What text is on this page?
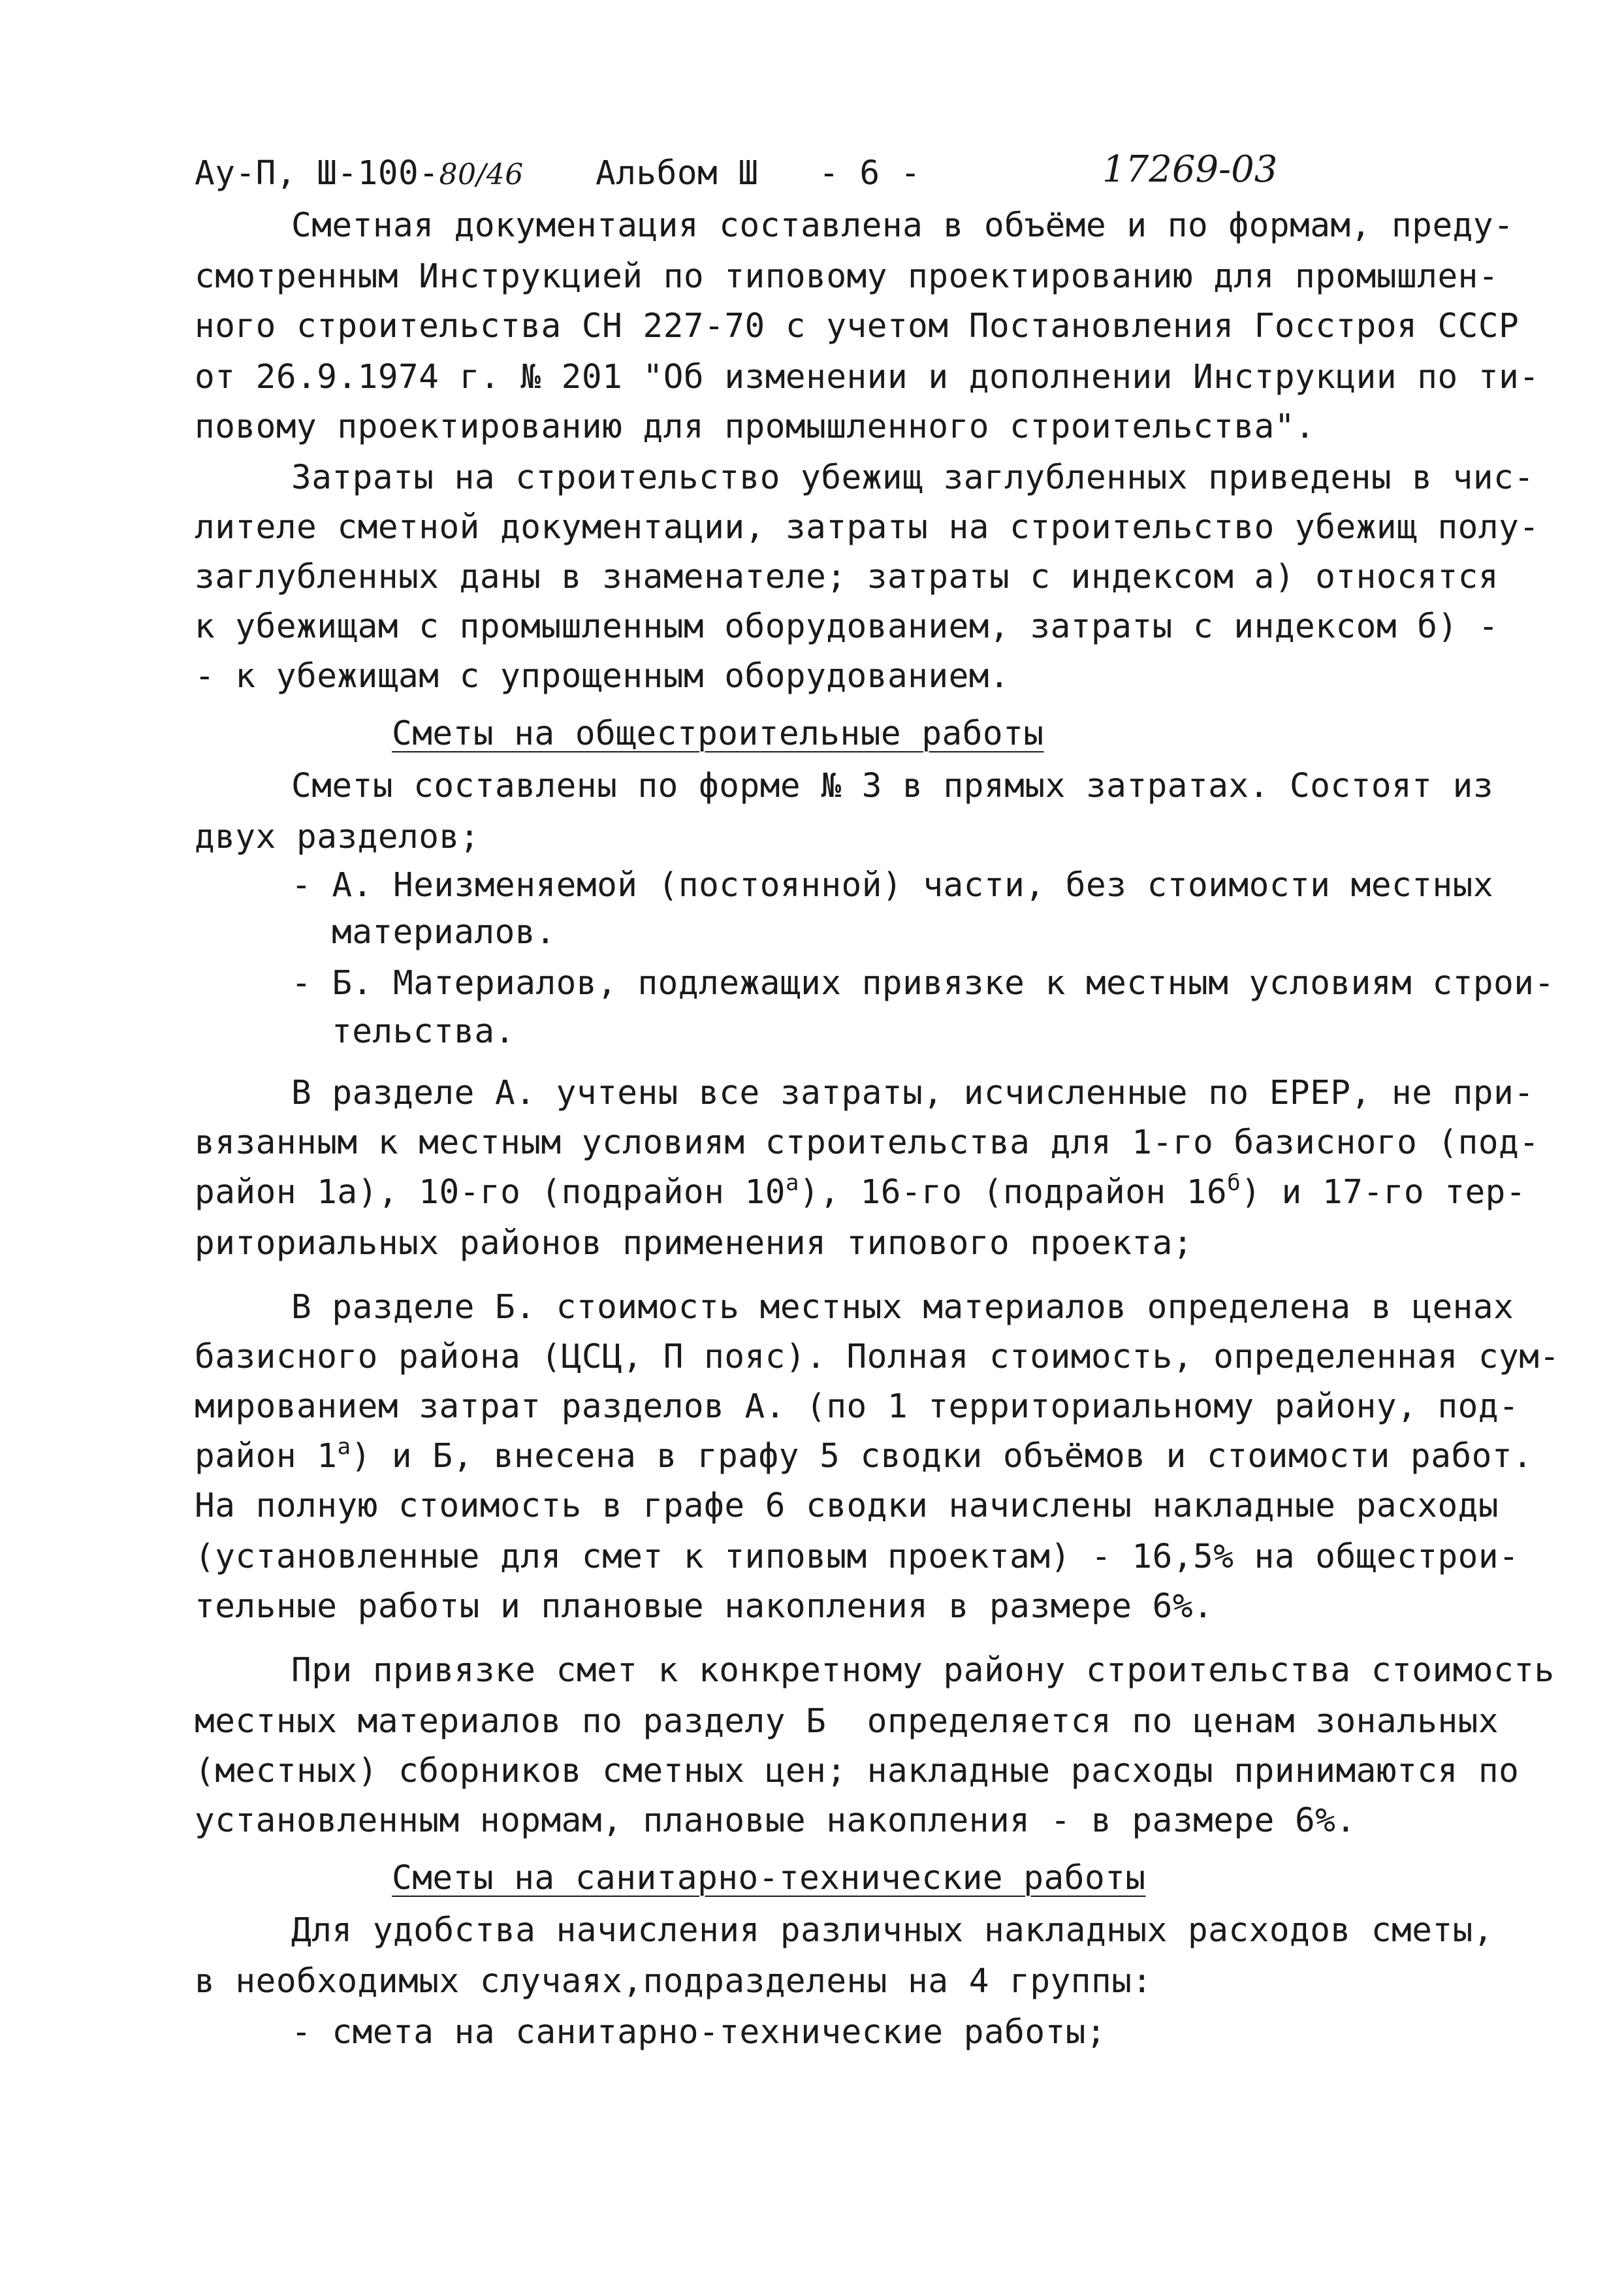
Ау-П, Ш-100-80/46 Альбом Ш - 6 -	17269-03
Сметная документация составлена в объёме и по формам, преду-
смотренным Инструкцией по типовому проектированию для промышлен-
ного строительства СН 227-70 с учетом Постановления Госстроя СССР
от 26.9.1974 г. № 201 "Об изменении и дополнении Инструкции по ти-
повому проектированию для промышленного строительства".
Затраты на строительство убежищ заглубленных приведены в чис-
лителе сметной документации, затраты на строительство убежищ полу-
заглубленных даны в знаменателе; затраты с индексом а) относятся
к убежищам с промышленным оборудованием, затраты с индексом б) -
- к убежищам с упрощенным оборудованием.
Сметы на общестроительные работы
Сметы составлены по форме № 3 в прямых затратах. Состоят из
двух разделов;
- А. Неизменяемой (постоянной) части, без стоимости местных
материалов.
- Б. Материалов, подлежащих привязке к местным условиям строи-
тельства.
В разделе А. учтены все затраты, исчисленные по ЕРЕР, не при-
вязанным к местным условиям строительства для 1-го базисного (под-
район 1а), 10-го (подрайон $10^а$), 16-го (подрайон $16^б$) и 17-го тер-
риториальных районов применения типового проекта;
В разделе Б. стоимость местных материалов определена в ценах
базисного района (ЦСЦ, П пояс). Полная стоимость, определенная сум-
мированием затрат разделов А. (по 1 территориальному району, под-
район $1^а$) и Б, внесена в графу 5 сводки объёмов и стоимости работ.
На полную стоимость в графе 6 сводки начислены накладные расходы
(установленные для смет к типовым проектам) - 16,5% на общестрои-
тельные работы и плановые накопления в размере 6%.
При привязке смет к конкретному району строительства стоимость
местных материалов по разделу Б  определяется по ценам зональных
(местных) сборников сметных цен; накладные расходы принимаются по
установленным нормам, плановые накопления - в размере 6%.
Сметы на санитарно-технические работы
Для удобства начисления различных накладных расходов сметы,
в необходимых случаях,подразделены на 4 группы:
- смета на санитарно-технические работы;
